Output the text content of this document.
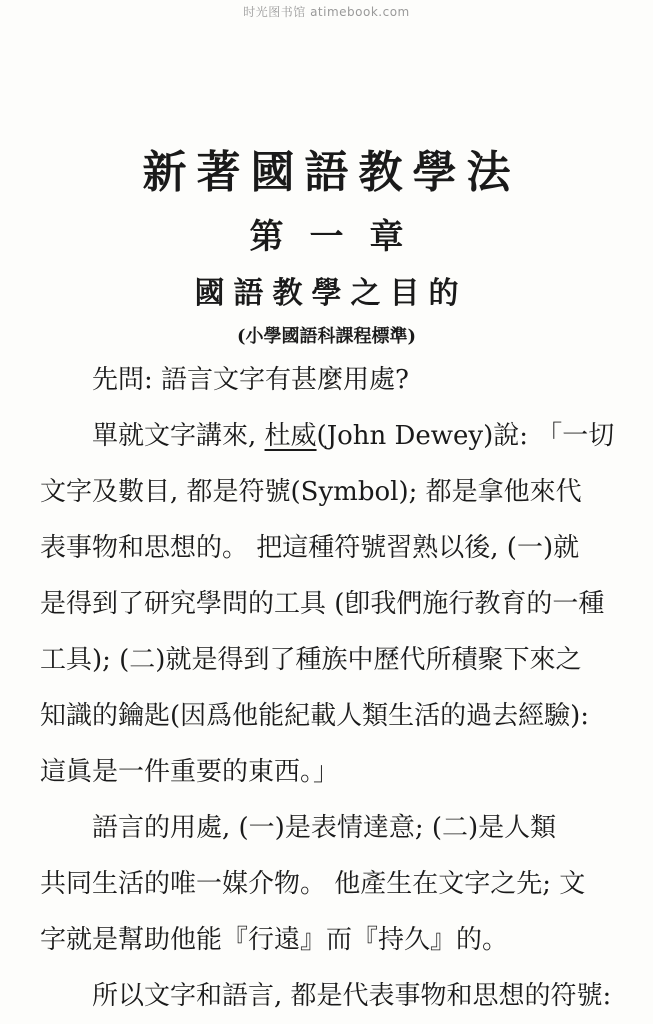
时光图书馆 atimebook.com
新著國語教學法
第一章
國語教學之目的
(小學國語科課程標準)

先問: 語言文字有甚麼用處?

單就文字講來, 杜威(John Dewey)說: 「一切
文字及數目, 都是符號(Symbol); 都是拿他來代
表事物和思想的。 把這種符號習熟以後, (一)就
是得到了研究學問的工具 (卽我們施行教育的一種
工具); (二)就是得到了種族中歷代所積聚下來之
知識的鑰匙(因爲他能紀載人類生活的過去經驗):
這眞是一件重要的東西。」

語言的用處, (一)是表情達意; (二)是人類
共同生活的唯一媒介物。 他產生在文字之先; 文
字就是幫助他能『行遠』而『持久』的。

所以文字和語言, 都是代表事物和思想的符號:
